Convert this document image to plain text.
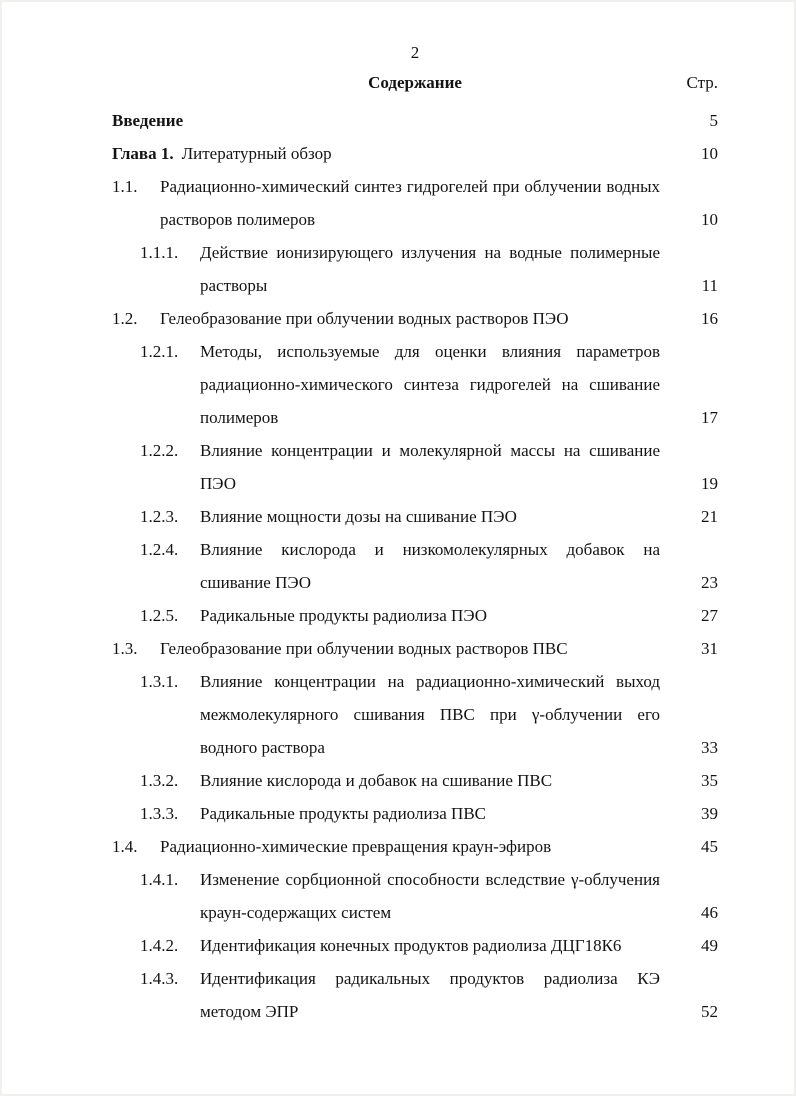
2
Содержание	Стр.
Введение	5
Глава 1. Литературный обзор	10
1.1.	Радиационно-химический синтез гидрогелей при облучении водных растворов полимеров	10
1.1.1.	Действие ионизирующего излучения на водные полимерные растворы	11
1.2.	Гелеобразование при облучении водных растворов ПЭО	16
1.2.1.	Методы, используемые для оценки влияния параметров радиационно-химического синтеза гидрогелей на сшивание полимеров	17
1.2.2.	Влияние концентрации и молекулярной массы на сшивание ПЭО	19
1.2.3.	Влияние мощности дозы на сшивание ПЭО	21
1.2.4.	Влияние кислорода и низкомолекулярных добавок на сшивание ПЭО	23
1.2.5.	Радикальные продукты радиолиза ПЭО	27
1.3.	Гелеобразование при облучении водных растворов ПВС	31
1.3.1.	Влияние концентрации на радиационно-химический выход межмолекулярного сшивания ПВС при γ-облучении его водного раствора	33
1.3.2.	Влияние кислорода и добавок на сшивание ПВС	35
1.3.3.	Радикальные продукты радиолиза ПВС	39
1.4.	Радиационно-химические превращения краун-эфиров	45
1.4.1.	Изменение сорбционной способности вследствие γ-облучения краун-содержащих систем	46
1.4.2.	Идентификация конечных продуктов радиолиза ДЦГ18К6	49
1.4.3.	Идентификация радикальных продуктов радиолиза КЭ методом ЭПР	52
